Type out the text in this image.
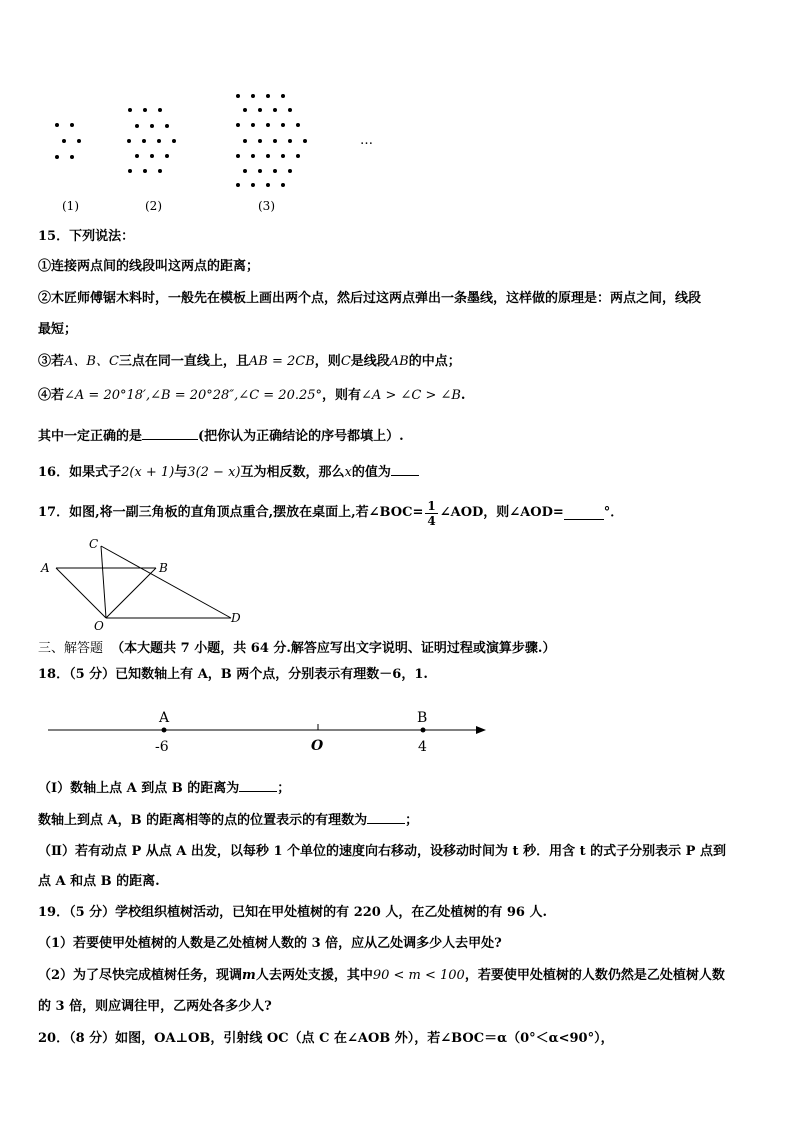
…
(1)	(2)	(3)
15．下列说法：
①连接两点间的线段叫这两点的距离；
②木匠师傅锯木料时，一般先在模板上画出两个点，然后过这两点弹出一条墨线，这样做的原理是：两点之间，线段
最短；
③若A、B、C三点在同一直线上，且AB = 2CB，则C是线段AB的中点；
④若∠A = 20°18′,∠B = 20°28″,∠C = 20.25°，则有∠A > ∠C > ∠B.
其中一定正确的是	(把你认为正确结论的序号都填上）.
16．如果式子2(x + 1)与3(2 − x)互为相反数，那么x的值为
17．如图,将一副三角板的直角顶点重合,摆放在桌面上,若∠BOC= $\frac{1}{4}$ ∠AOD，则∠AOD=	°．
C
A	B
O
D
三、解答题 （本大题共 7 小题，共 64 分.解答应写出文字说明、证明过程或演算步骤.）
18．（5 分）已知数轴上有 A，B 两个点，分别表示有理数－6，1.
A
-6	O
B
4
（Ⅰ）数轴上点 A 到点 B 的距离为	；
数轴上到点 A，B 的距离相等的点的位置表示的有理数为	；
（Ⅱ）若有动点 P 从点 A 出发，以每秒 1 个单位的速度向右移动，设移动时间为 t 秒．用含 t 的式子分别表示 P 点到
点 A 和点 B 的距离.
19．（5 分）学校组织植树活动，已知在甲处植树的有 220 人，在乙处植树的有 96 人.
（1）若要使甲处植树的人数是乙处植树人数的 3 倍，应从乙处调多少人去甲处?
（2）为了尽快完成植树任务，现调m人去两处支援，其中90 < m < 100，若要使甲处植树的人数仍然是乙处植树人数
的 3 倍，则应调往甲，乙两处各多少人?
20．（8 分）如图，OA⊥OB，引射线 OC（点 C 在∠AOB 外），若∠BOC＝α（0°＜α<90°），
